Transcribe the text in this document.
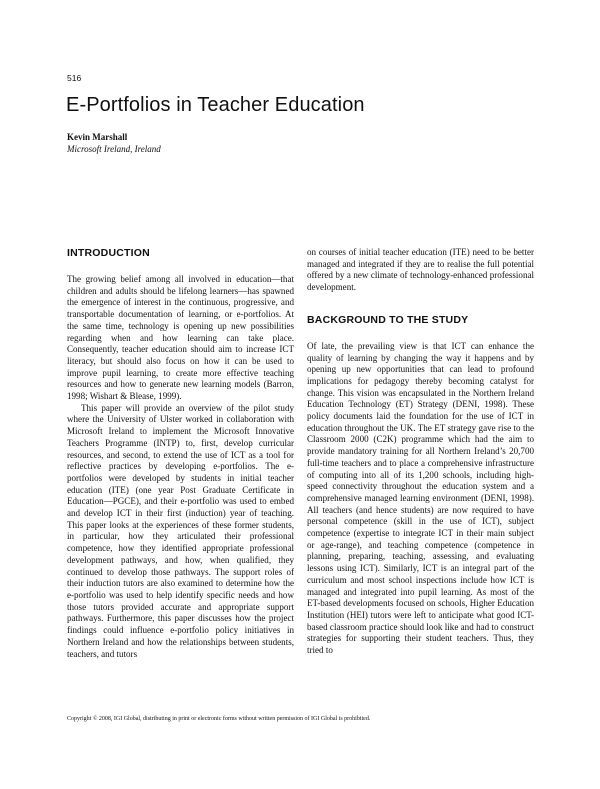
516
E-Portfolios in Teacher Education
Kevin Marshall
Microsoft Ireland, Ireland
INTRODUCTION

The growing belief among all involved in education—that children and adults should be lifelong learners—has spawned the emergence of interest in the continuous, progressive, and transportable documentation of learning, or e-portfolios. At the same time, technology is opening up new possibilities regarding when and how learning can take place. Consequently, teacher education should aim to increase ICT literacy, but should also focus on how it can be used to improve pupil learning, to create more effective teaching resources and how to generate new learning models (Barron, 1998; Wishart & Blease, 1999).

This paper will provide an overview of the pilot study where the University of Ulster worked in collaboration with Microsoft Ireland to implement the Microsoft Innovative Teachers Programme (INTP) to, first, develop curricular resources, and second, to extend the use of ICT as a tool for reflective practices by developing e-portfolios. The e-portfolios were developed by students in initial teacher education (ITE) (one year Post Graduate Certificate in Education—PGCE), and their e-portfolio was used to embed and develop ICT in their first (induction) year of teaching. This paper looks at the experiences of these former students, in particular, how they articulated their professional competence, how they identified appropriate professional development pathways, and how, when qualified, they continued to develop those pathways. The support roles of their induction tutors are also examined to determine how the e-portfolio was used to help identify specific needs and how those tutors provided accurate and appropriate support pathways. Furthermore, this paper discusses how the project findings could influence e-portfolio policy initiatives in Northern Ireland and how the relationships between students, teachers, and tutors

on courses of initial teacher education (ITE) need to be better managed and integrated if they are to realise the full potential offered by a new climate of technology-enhanced professional development.

BACKGROUND TO THE STUDY

Of late, the prevailing view is that ICT can enhance the quality of learning by changing the way it happens and by opening up new opportunities that can lead to profound implications for pedagogy thereby becoming catalyst for change. This vision was encapsulated in the Northern Ireland Education Technology (ET) Strategy (DENI, 1998). These policy documents laid the foundation for the use of ICT in education throughout the UK. The ET strategy gave rise to the Classroom 2000 (C2K) programme which had the aim to provide mandatory training for all Northern Ireland’s 20,700 full-time teachers and to place a comprehensive infrastructure of computing into all of its 1,200 schools, including high-speed connectivity throughout the education system and a comprehensive managed learning environment (DENI, 1998). All teachers (and hence students) are now required to have personal competence (skill in the use of ICT), subject competence (expertise to integrate ICT in their main subject or age-range), and teaching competence (competence in planning, preparing, teaching, assessing, and evaluating lessons using ICT). Similarly, ICT is an integral part of the curriculum and most school inspections include how ICT is managed and integrated into pupil learning. As most of the ET-based developments focused on schools, Higher Education Institution (HEI) tutors were left to anticipate what good ICT-based classroom practice should look like and had to construct strategies for supporting their student teachers. Thus, they tried to

Copyright © 2008, IGI Global, distributing in print or electronic forms without written permission of IGI Global is prohibited.
